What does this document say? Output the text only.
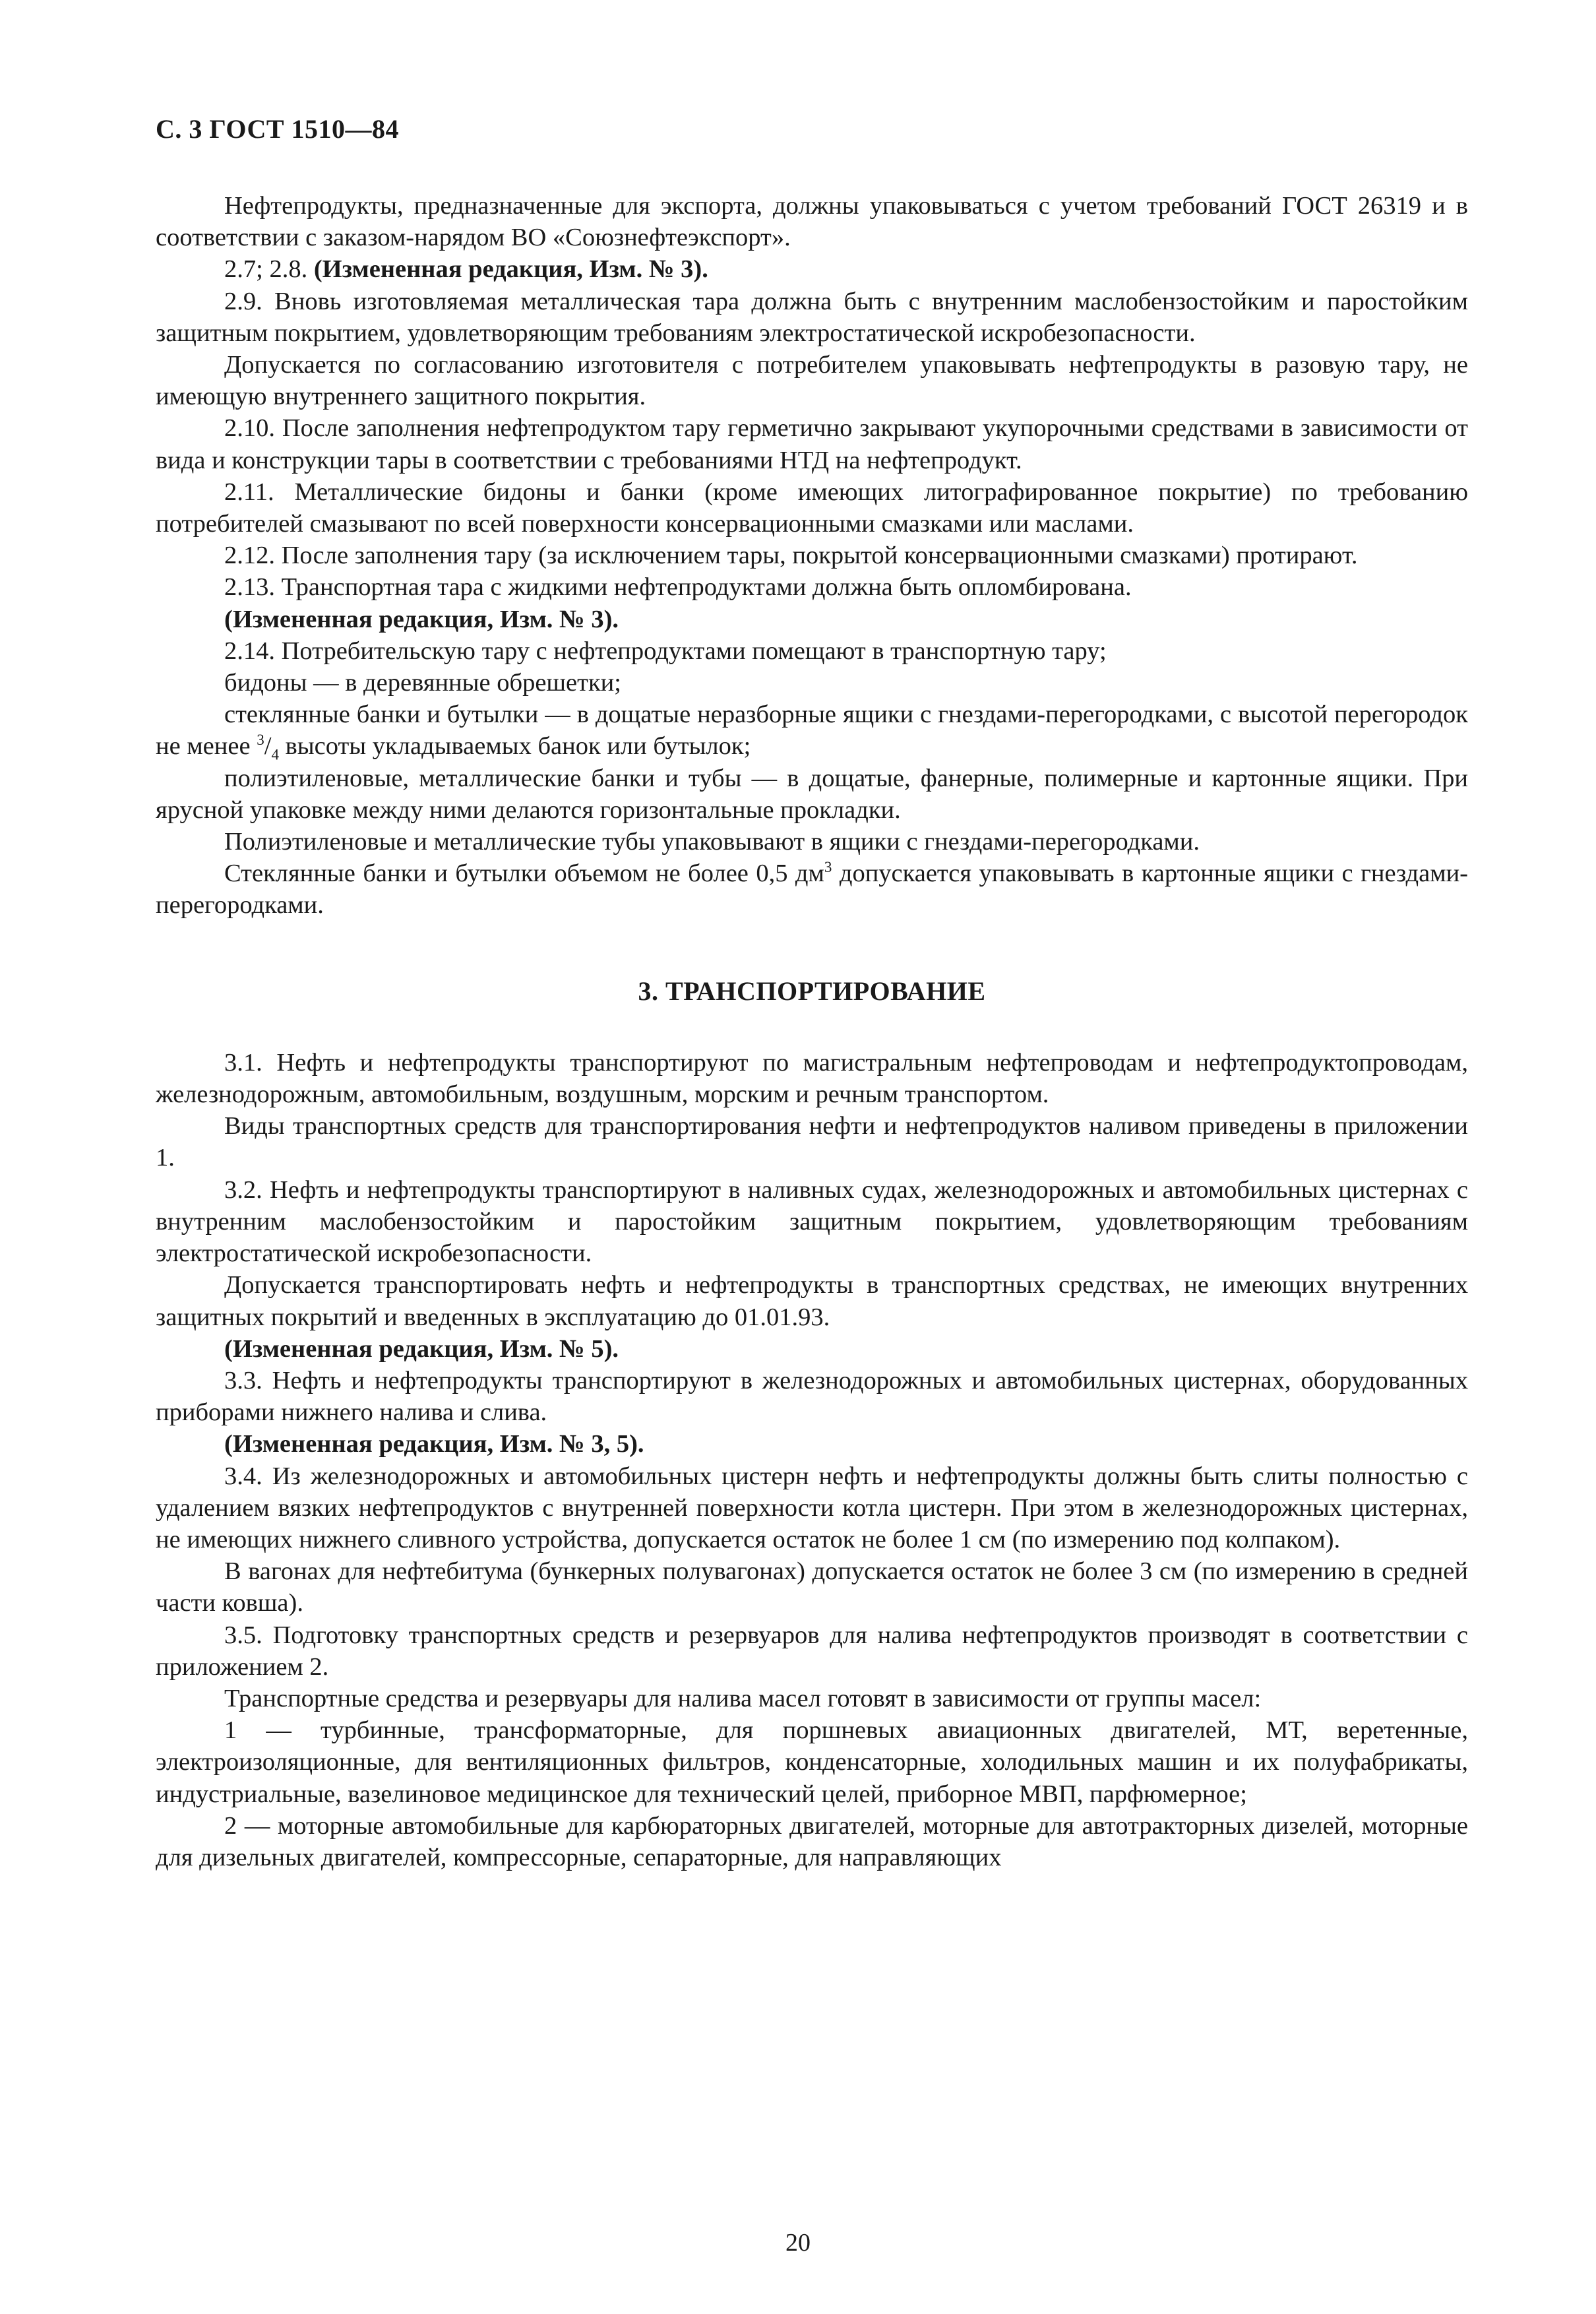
С. 3 ГОСТ 1510—84

Нефтепродукты, предназначенные для экспорта, должны упаковываться с учетом требований ГОСТ 26319 и в соответствии с заказом-нарядом ВО «Союзнефтеэкспорт».

2.7; 2.8. (Измененная редакция, Изм. № 3).

2.9. Вновь изготовляемая металлическая тара должна быть с внутренним маслобензостойким и паростойким защитным покрытием, удовлетворяющим требованиям электростатической искробезопасности.

Допускается по согласованию изготовителя с потребителем упаковывать нефтепродукты в разовую тару, не имеющую внутреннего защитного покрытия.

2.10. После заполнения нефтепродуктом тару герметично закрывают укупорочными средствами в зависимости от вида и конструкции тары в соответствии с требованиями НТД на нефтепродукт.

2.11. Металлические бидоны и банки (кроме имеющих литографированное покрытие) по требованию потребителей смазывают по всей поверхности консервационными смазками или маслами.

2.12. После заполнения тару (за исключением тары, покрытой консервационными смазками) протирают.

2.13. Транспортная тара с жидкими нефтепродуктами должна быть опломбирована.

(Измененная редакция, Изм. № 3).

2.14. Потребительскую тару с нефтепродуктами помещают в транспортную тару;

бидоны — в деревянные обрешетки;

стеклянные банки и бутылки — в дощатые неразборные ящики с гнездами-перегородками, с высотой перегородок не менее $^3/_4$ высоты укладываемых банок или бутылок;

полиэтиленовые, металлические банки и тубы — в дощатые, фанерные, полимерные и картонные ящики. При ярусной упаковке между ними делаются горизонтальные прокладки.

Полиэтиленовые и металлические тубы упаковывают в ящики с гнездами-перегородками.

Стеклянные банки и бутылки объемом не более 0,5 $дм^3$ допускается упаковывать в картонные ящики с гнездами-перегородками.

3. ТРАНСПОРТИРОВАНИЕ

3.1. Нефть и нефтепродукты транспортируют по магистральным нефтепроводам и нефтепродуктопроводам, железнодорожным, автомобильным, воздушным, морским и речным транспортом.

Виды транспортных средств для транспортирования нефти и нефтепродуктов наливом приведены в приложении 1.

3.2. Нефть и нефтепродукты транспортируют в наливных судах, железнодорожных и автомобильных цистернах с внутренним маслобензостойким и паростойким защитным покрытием, удовлетворяющим требованиям электростатической искробезопасности.

Допускается транспортировать нефть и нефтепродукты в транспортных средствах, не имеющих внутренних защитных покрытий и введенных в эксплуатацию до 01.01.93.

(Измененная редакция, Изм. № 5).

3.3. Нефть и нефтепродукты транспортируют в железнодорожных и автомобильных цистернах, оборудованных приборами нижнего налива и слива.

(Измененная редакция, Изм. № 3, 5).

3.4. Из железнодорожных и автомобильных цистерн нефть и нефтепродукты должны быть слиты полностью с удалением вязких нефтепродуктов с внутренней поверхности котла цистерн. При этом в железнодорожных цистернах, не имеющих нижнего сливного устройства, допускается остаток не более 1 см (по измерению под колпаком).

В вагонах для нефтебитума (бункерных полувагонах) допускается остаток не более 3 см (по измерению в средней части ковша).

3.5. Подготовку транспортных средств и резервуаров для налива нефтепродуктов производят в соответствии с приложением 2.

Транспортные средства и резервуары для налива масел готовят в зависимости от группы масел:

1 — турбинные, трансформаторные, для поршневых авиационных двигателей, МТ, веретенные, электроизоляционные, для вентиляционных фильтров, конденсаторные, холодильных машин и их полуфабрикаты, индустриальные, вазелиновое медицинское для технический целей, приборное МВП, парфюмерное;

2 — моторные автомобильные для карбюраторных двигателей, моторные для автотракторных дизелей, моторные для дизельных двигателей, компрессорные, сепараторные, для направляющих

20
